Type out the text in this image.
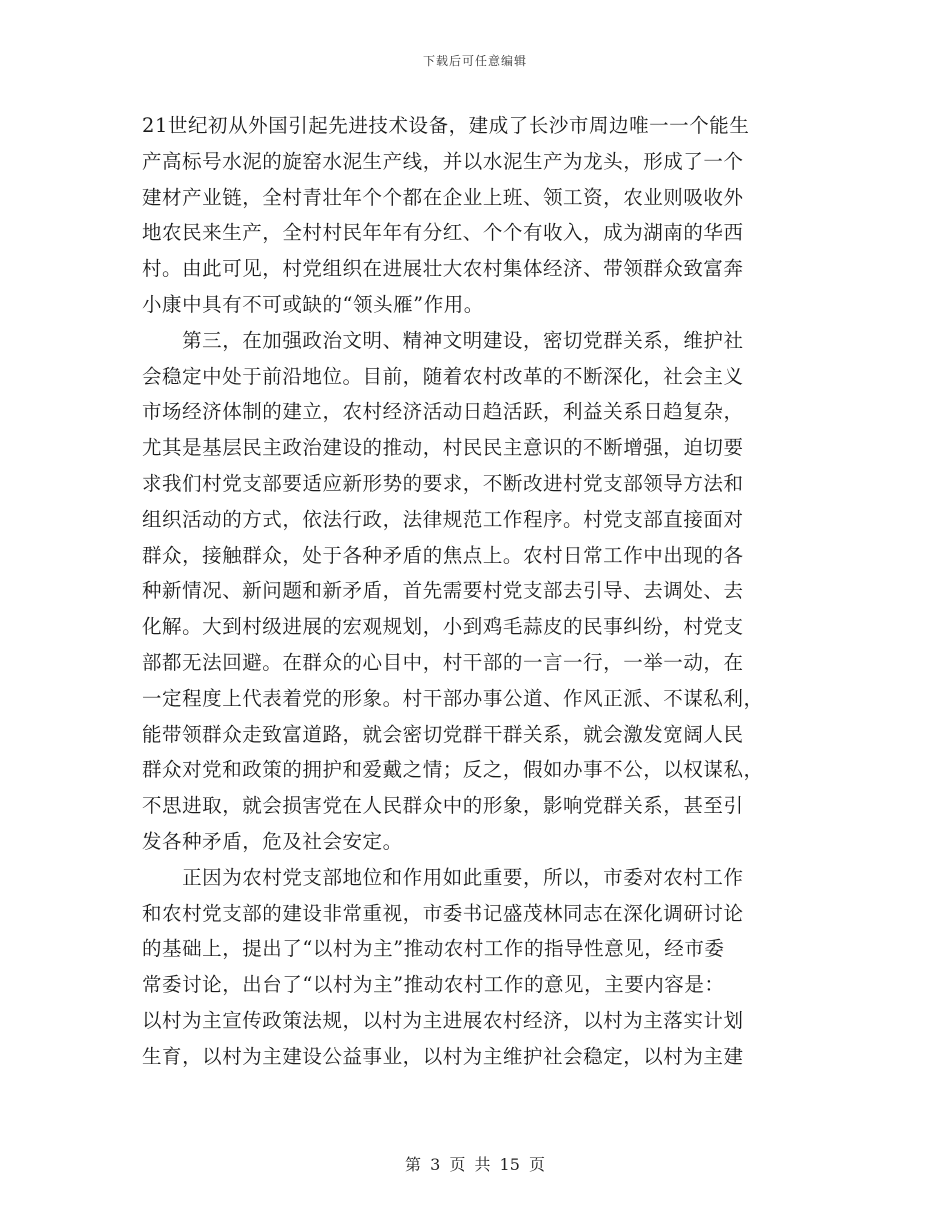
下载后可任意编辑
21世纪初从外国引起先进技术设备，建成了长沙市周边唯一一个能生
产高标号水泥的旋窑水泥生产线，并以水泥生产为龙头，形成了一个
建材产业链，全村青壮年个个都在企业上班、领工资，农业则吸收外
地农民来生产，全村村民年年有分红、个个有收入，成为湖南的华西
村。由此可见，村党组织在进展壮大农村集体经济、带领群众致富奔
小康中具有不可或缺的“领头雁”作用。
　　第三，在加强政治文明、精神文明建设，密切党群关系，维护社
会稳定中处于前沿地位。目前，随着农村改革的不断深化，社会主义
市场经济体制的建立，农村经济活动日趋活跃，利益关系日趋复杂，
尤其是基层民主政治建设的推动，村民民主意识的不断增强，迫切要
求我们村党支部要适应新形势的要求，不断改进村党支部领导方法和
组织活动的方式，依法行政，法律规范工作程序。村党支部直接面对
群众，接触群众，处于各种矛盾的焦点上。农村日常工作中出现的各
种新情况、新问题和新矛盾，首先需要村党支部去引导、去调处、去
化解。大到村级进展的宏观规划，小到鸡毛蒜皮的民事纠纷，村党支
部都无法回避。在群众的心目中，村干部的一言一行，一举一动，在
一定程度上代表着党的形象。村干部办事公道、作风正派、不谋私利，
能带领群众走致富道路，就会密切党群干群关系，就会激发宽阔人民
群众对党和政策的拥护和爱戴之情；反之，假如办事不公，以权谋私，
不思进取，就会损害党在人民群众中的形象，影响党群关系，甚至引
发各种矛盾，危及社会安定。
　　正因为农村党支部地位和作用如此重要，所以，市委对农村工作
和农村党支部的建设非常重视，市委书记盛茂林同志在深化调研讨论
的基础上，提出了“以村为主”推动农村工作的指导性意见，经市委
常委讨论，出台了“以村为主”推动农村工作的意见，主要内容是：
以村为主宣传政策法规，以村为主进展农村经济，以村为主落实计划
生育，以村为主建设公益事业，以村为主维护社会稳定，以村为主建
第 3 页 共 15 页
